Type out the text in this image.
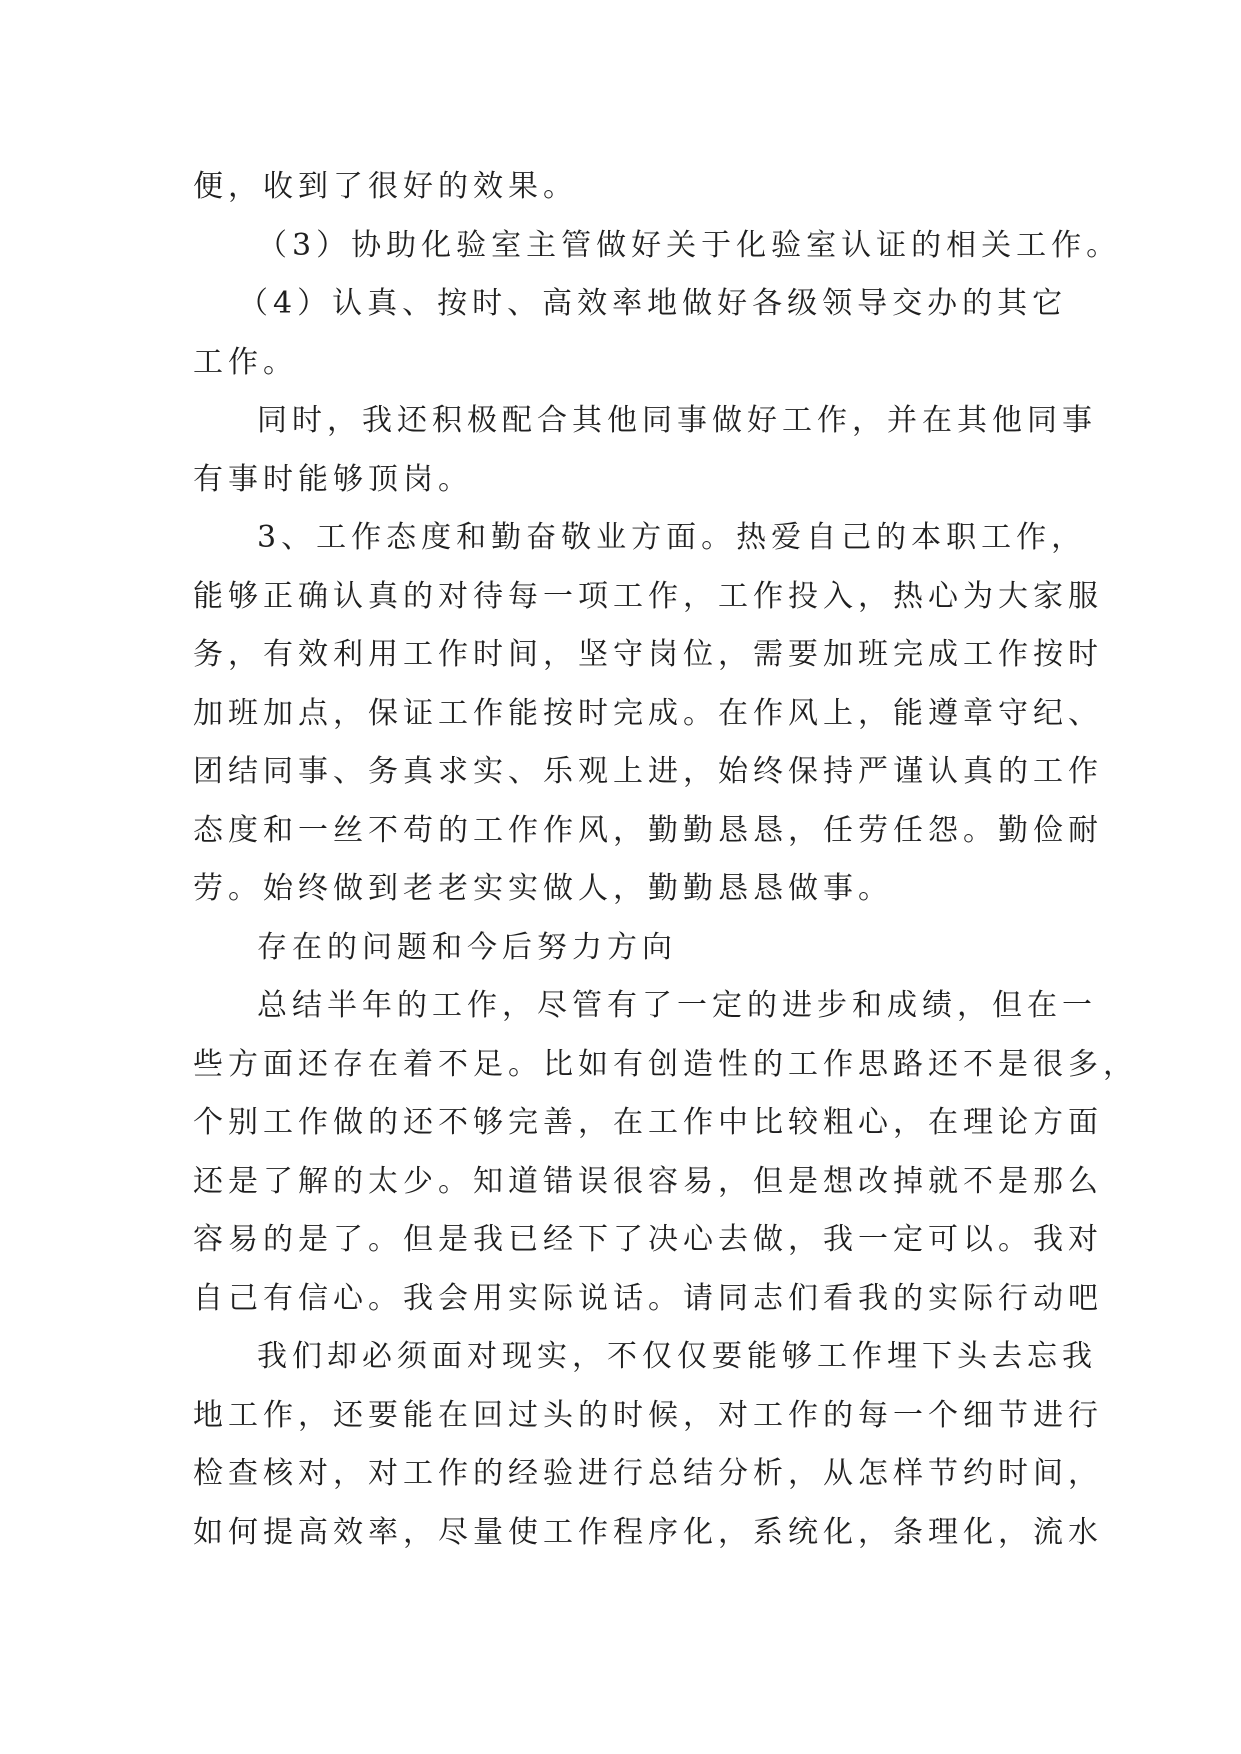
便，收到了很好的效果。
（3）协助化验室主管做好关于化验室认证的相关工作。
（4）认真、按时、高效率地做好各级领导交办的其它
工作。
同时，我还积极配合其他同事做好工作，并在其他同事
有事时能够顶岗。
3、工作态度和勤奋敬业方面。热爱自己的本职工作，
能够正确认真的对待每一项工作，工作投入，热心为大家服
务，有效利用工作时间，坚守岗位，需要加班完成工作按时
加班加点，保证工作能按时完成。在作风上，能遵章守纪、
团结同事、务真求实、乐观上进，始终保持严谨认真的工作
态度和一丝不苟的工作作风，勤勤恳恳，任劳任怨。勤俭耐
劳。始终做到老老实实做人，勤勤恳恳做事。
存在的问题和今后努力方向
总结半年的工作，尽管有了一定的进步和成绩，但在一
些方面还存在着不足。比如有创造性的工作思路还不是很多，
个别工作做的还不够完善，在工作中比较粗心，在理论方面
还是了解的太少。知道错误很容易，但是想改掉就不是那么
容易的是了。但是我已经下了决心去做，我一定可以。我对
自己有信心。我会用实际说话。请同志们看我的实际行动吧
我们却必须面对现实，不仅仅要能够工作埋下头去忘我
地工作，还要能在回过头的时候，对工作的每一个细节进行
检查核对，对工作的经验进行总结分析，从怎样节约时间，
如何提高效率，尽量使工作程序化，系统化，条理化，流水
